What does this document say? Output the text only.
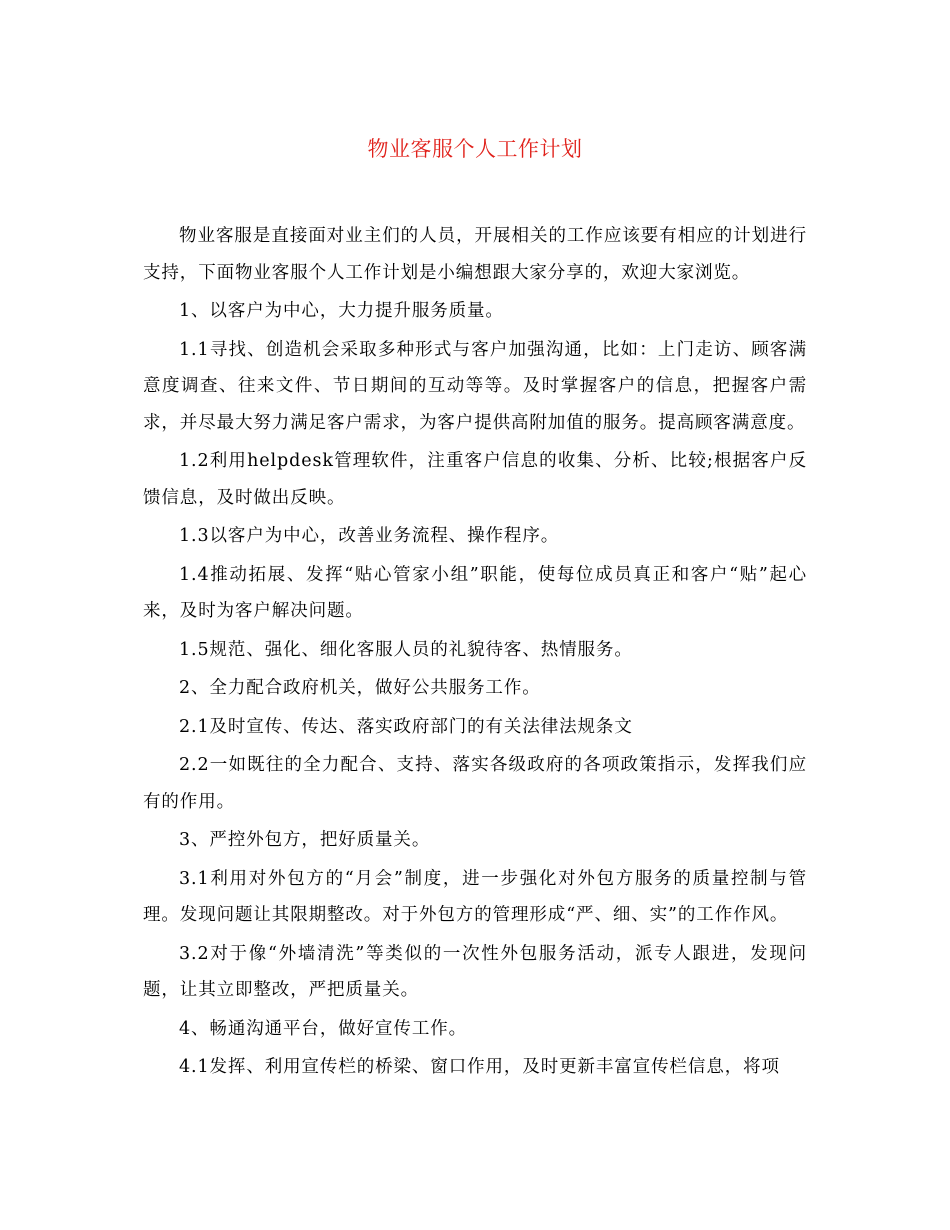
物业客服个人工作计划

物业客服是直接面对业主们的人员，开展相关的工作应该要有相应的计划进行支持，下面物业客服个人工作计划是小编想跟大家分享的，欢迎大家浏览。

1、以客户为中心，大力提升服务质量。

1.1寻找、创造机会采取多种形式与客户加强沟通，比如：上门走访、顾客满意度调查、往来文件、节日期间的互动等等。及时掌握客户的信息，把握客户需求，并尽最大努力满足客户需求，为客户提供高附加值的服务。提高顾客满意度。

1.2利用helpdesk管理软件，注重客户信息的收集、分析、比较;根据客户反馈信息，及时做出反映。

1.3以客户为中心，改善业务流程、操作程序。

1.4推动拓展、发挥“贴心管家小组”职能，使每位成员真正和客户“贴”起心来，及时为客户解决问题。

1.5规范、强化、细化客服人员的礼貌待客、热情服务。

2、全力配合政府机关，做好公共服务工作。

2.1及时宣传、传达、落实政府部门的有关法律法规条文

2.2一如既往的全力配合、支持、落实各级政府的各项政策指示，发挥我们应有的作用。

3、严控外包方，把好质量关。

3.1利用对外包方的“月会”制度，进一步强化对外包方服务的质量控制与管理。发现问题让其限期整改。对于外包方的管理形成“严、细、实”的工作作风。

3.2对于像“外墙清洗”等类似的一次性外包服务活动，派专人跟进，发现问题，让其立即整改，严把质量关。

4、畅通沟通平台，做好宣传工作。

4.1发挥、利用宣传栏的桥梁、窗口作用，及时更新丰富宣传栏信息，将项
